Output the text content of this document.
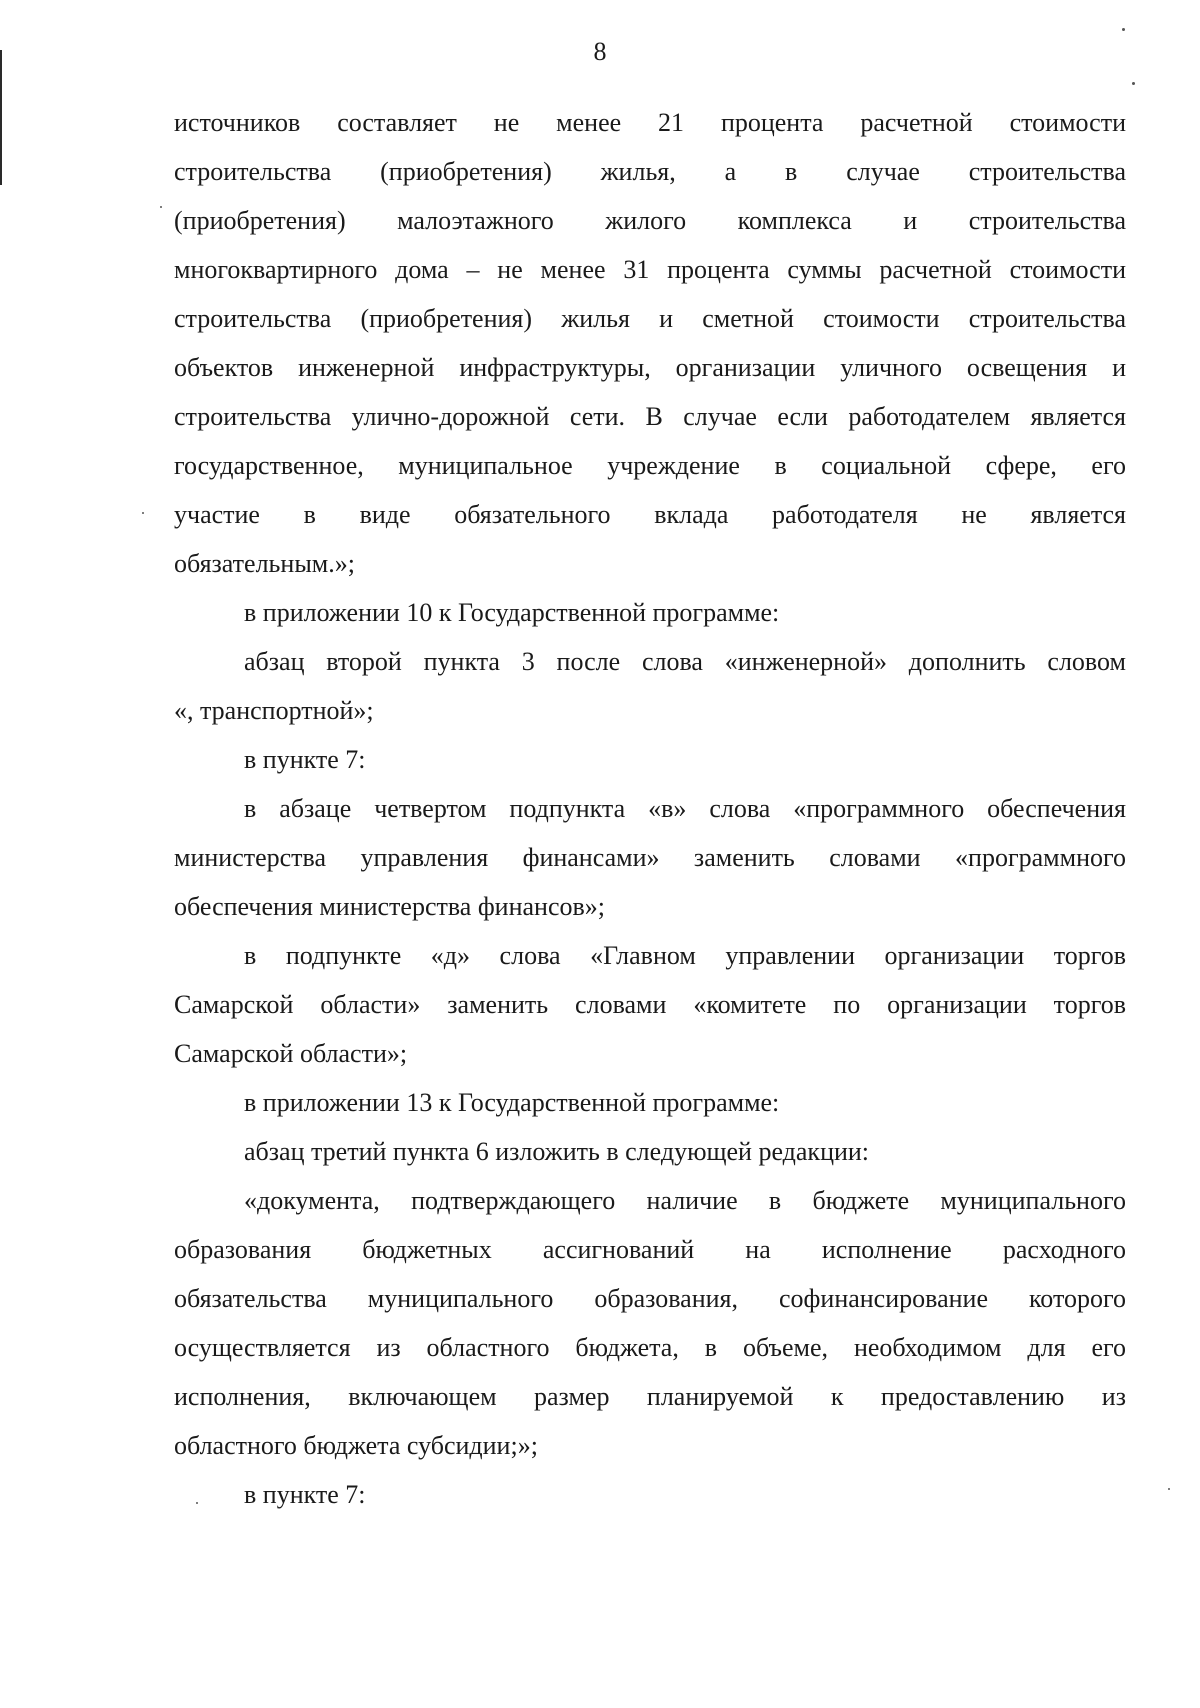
8
источников составляет не менее 21 процента расчетной стоимости
строительства (приобретения) жилья, а в случае строительства
(приобретения) малоэтажного жилого комплекса и строительства
многоквартирного дома – не менее 31 процента суммы расчетной стоимости
строительства (приобретения) жилья и сметной стоимости строительства
объектов инженерной инфраструктуры, организации уличного освещения и
строительства улично-дорожной сети. В случае если работодателем является
государственное, муниципальное учреждение в социальной сфере, его
участие в виде обязательного вклада работодателя не является
обязательным.»;
в приложении 10 к Государственной программе:
абзац второй пункта 3 после слова «инженерной» дополнить словом
«, транспортной»;
в пункте 7:
в абзаце четвертом подпункта «в» слова «программного обеспечения
министерства управления финансами» заменить словами «программного
обеспечения министерства финансов»;
в подпункте «д» слова «Главном управлении организации торгов
Самарской области» заменить словами «комитете по организации торгов
Самарской области»;
в приложении 13 к Государственной программе:
абзац третий пункта 6 изложить в следующей редакции:
«документа, подтверждающего наличие в бюджете муниципального
образования бюджетных ассигнований на исполнение расходного
обязательства муниципального образования, софинансирование которого
осуществляется из областного бюджета, в объеме, необходимом для его
исполнения, включающем размер планируемой к предоставлению из
областного бюджета субсидии;»;
в пункте 7:
